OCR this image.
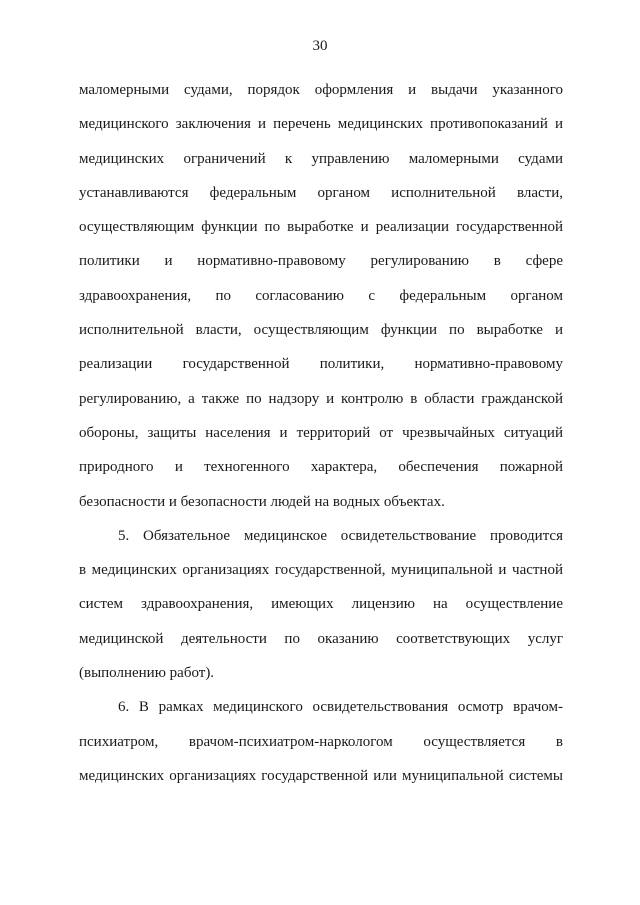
30
маломерными судами, порядок оформления и выдачи указанного
медицинского заключения и перечень медицинских противопоказаний и
медицинских ограничений к управлению маломерными судами
устанавливаются федеральным органом исполнительной власти,
осуществляющим функции по выработке и реализации государственной
политики и нормативно-правовому регулированию в сфере
здравоохранения, по согласованию с федеральным органом
исполнительной власти, осуществляющим функции по выработке и
реализации государственной политики, нормативно-правовому
регулированию, а также по надзору и контролю в области гражданской
обороны, защиты населения и территорий от чрезвычайных ситуаций
природного и техногенного характера, обеспечения пожарной
безопасности и безопасности людей на водных объектах.
5. Обязательное медицинское освидетельствование проводится
в медицинских организациях государственной, муниципальной и частной
систем здравоохранения, имеющих лицензию на осуществление
медицинской деятельности по оказанию соответствующих услуг
(выполнению работ).
6. В рамках медицинского освидетельствования осмотр врачом-
психиатром, врачом-психиатром-наркологом осуществляется в
медицинских организациях государственной или муниципальной системы
